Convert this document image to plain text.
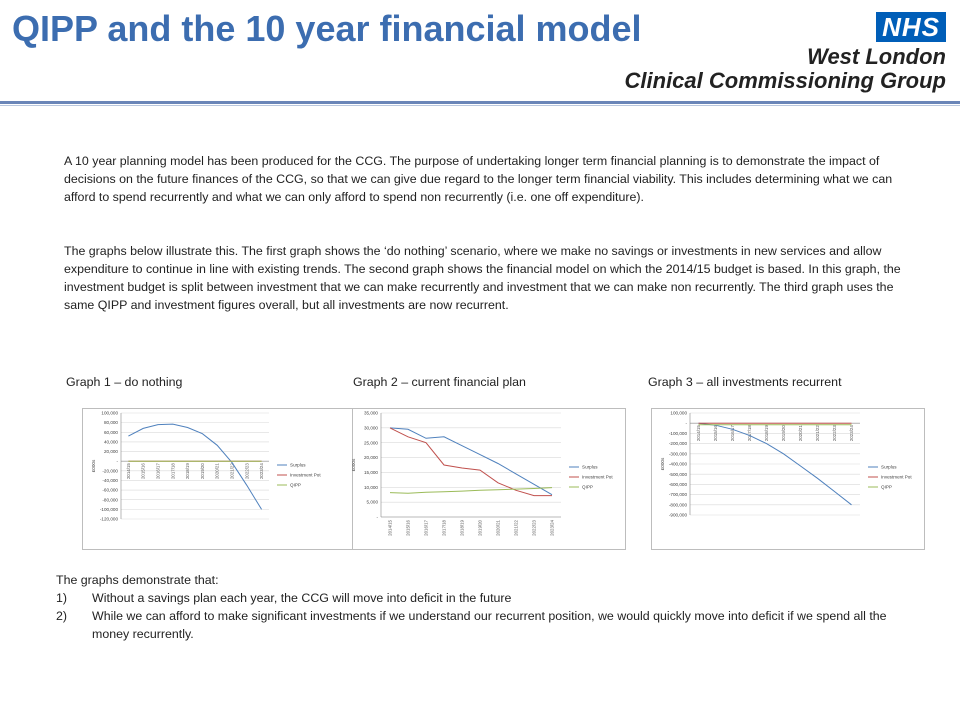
QIPP and the 10 year financial model	NHS
West London
Clinical Commissioning Group
A 10 year planning model has been produced for the CCG. The purpose of undertaking longer term financial planning is to demonstrate the impact of decisions on the future finances of the CCG, so that we can give due regard to the longer term financial viability. This includes determining what we can afford to spend recurrently and what we can only afford to spend non recurrently (i.e. one off expenditure).
The graphs below illustrate this. The first graph shows the ‘do nothing’ scenario, where we make no savings or investments in new services and allow expenditure to continue in line with existing trends. The second graph shows the financial model on which the 2014/15 budget is based. In this graph, the investment budget is split between investment that we can make recurrently and investment that we can make non recurrently. The third graph uses the same QIPP and investment figures overall, but all investments are now recurrent.
Graph 1 – do nothing	Graph 2 – current financial plan	Graph 3 – all investments recurrent
100,000
80,000
60,000
40,000
20,000
-
-20,000
-40,000
-60,000
-80,000
-100,000
-120,000
£000s	2014/15 2015/16 2016/17 2017/18 2018/19 2019/20 2020/21 2021/22 2022/23 2023/24	Surplus
Investment Pot
QIPP
35,000
30,000
25,000
20,000
15,000
10,000
5,000
-
£000s
2014/15	2015/16	2016/17	2017/18	2018/19	2019/20	2020/21	2021/22	2022/23	2023/24
Surplus
Investment Pot
QIPP
100,000
-
-100,000
-200,000
-300,000
-400,000
-500,000
-600,000
-700,000
-800,000
-900,000
£000s
2014/15	2015/16	2016/17	2017/18	2018/19	2019/20	2020/21	2021/22	2022/23	2023/24
Surplus
Investment Pot
QIPP
The graphs demonstrate that:
1)	Without a savings plan each year, the CCG will move into deficit in the future
2)	While we can afford to make significant investments if we understand our recurrent position, we would quickly move into deficit if we spend all the money recurrently.
